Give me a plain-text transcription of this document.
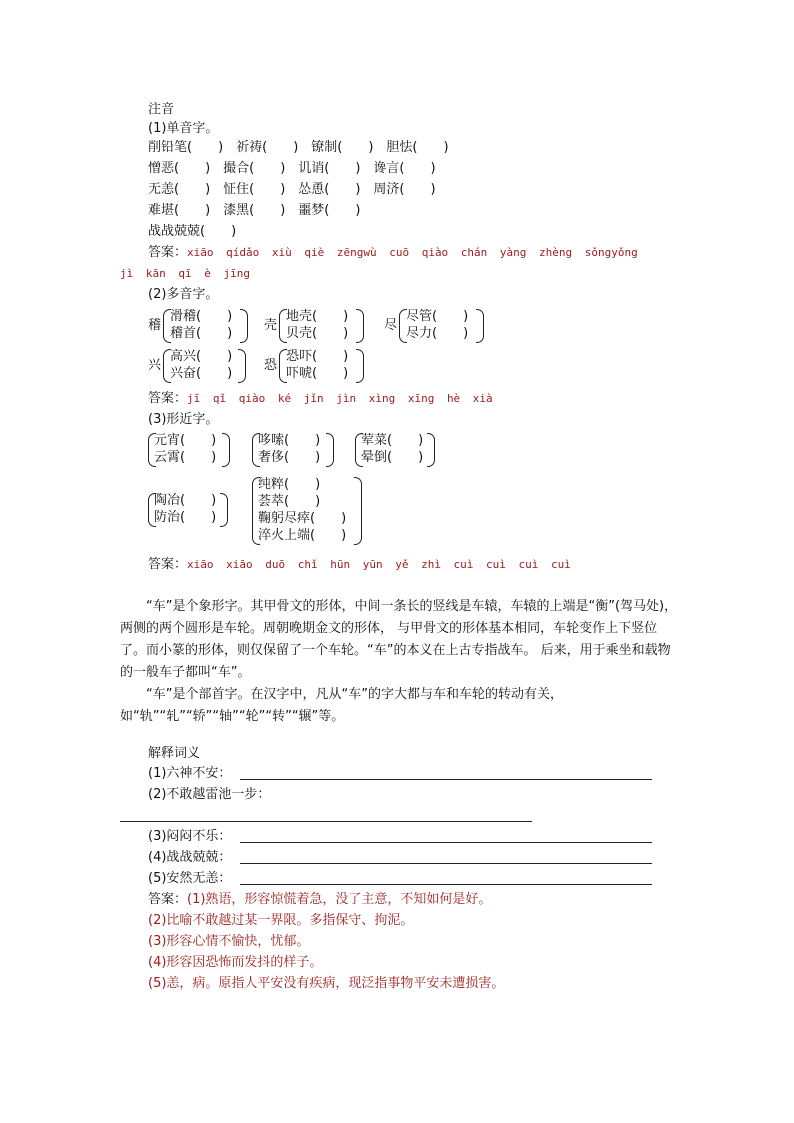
注音
(1)单音字。
削铅笔(　　)　祈祷(　　)　镣制(　　)　胆怯(　　)
憎恶(　　)　撮合(　　)　讥诮(　　)　谗言(　　)
无恙(　　)　怔住(　　)　怂恿(　　)　周济(　　)
难堪(　　)　漆黑(　　)　噩梦(　　)
战战兢兢(　　)
答案：xiāo qídǎo xiù qiè zēngwù cuō qiào chán yàng zhèng sǒngyǒng
jì kān qī è jīng
(2)多音字。
稽
滑稽(　　)
稽首(　　)
壳
地壳(　　)
贝壳(　　)
尽
尽管(　　)
尽力(　　)
兴
高兴(　　)
兴奋(　　)
恐
恐吓(　　)
吓唬(　　)
答案：jī qǐ qiào ké jǐn jìn xìng xīng hè xià
(3)形近字。
元宵(　　)
云霄(　　)
哆嗦(　　)
奢侈(　　)
荤菜(　　)
晕倒(　　)
陶冶(　　)
防治(　　)
纯粹(　　)
荟萃(　　)
鞠躬尽瘁(　　)
淬火上端(　　)
答案：xiāo xiāo duō chǐ hūn yūn yě zhì cuì cuì cuì cuì
“车”是个象形字。其甲骨文的形体，中间一条长的竖线是车辕，车辕的上端是“衡”(驾马处)，两侧的两个圆形是车轮。周朝晚期金文的形体， 与甲骨文的形体基本相同，车轮变作上下竖位了。而小篆的形体，则仅保留了一个车轮。“车”的本义在上古专指战车。 后来，用于乘坐和载物的一般车子都叫“车”。
“车”是个部首字。在汉字中，凡从“车”的字大都与车和车轮的转动有关，如“轨”“轧”“轿”“轴”“轮”“转”“辗”等。
解释词义
(1)六神不安：
(2)不敢越雷池一步：
(3)闷闷不乐：
(4)战战兢兢：
(5)安然无恙：
答案：(1)熟语，形容惊慌着急，没了主意，不知如何是好。
(2)比喻不敢越过某一界限。多指保守、拘泥。
(3)形容心情不愉快，忧郁。
(4)形容因恐怖而发抖的样子。
(5)恙，病。原指人平安没有疾病，现泛指事物平安未遭损害。
